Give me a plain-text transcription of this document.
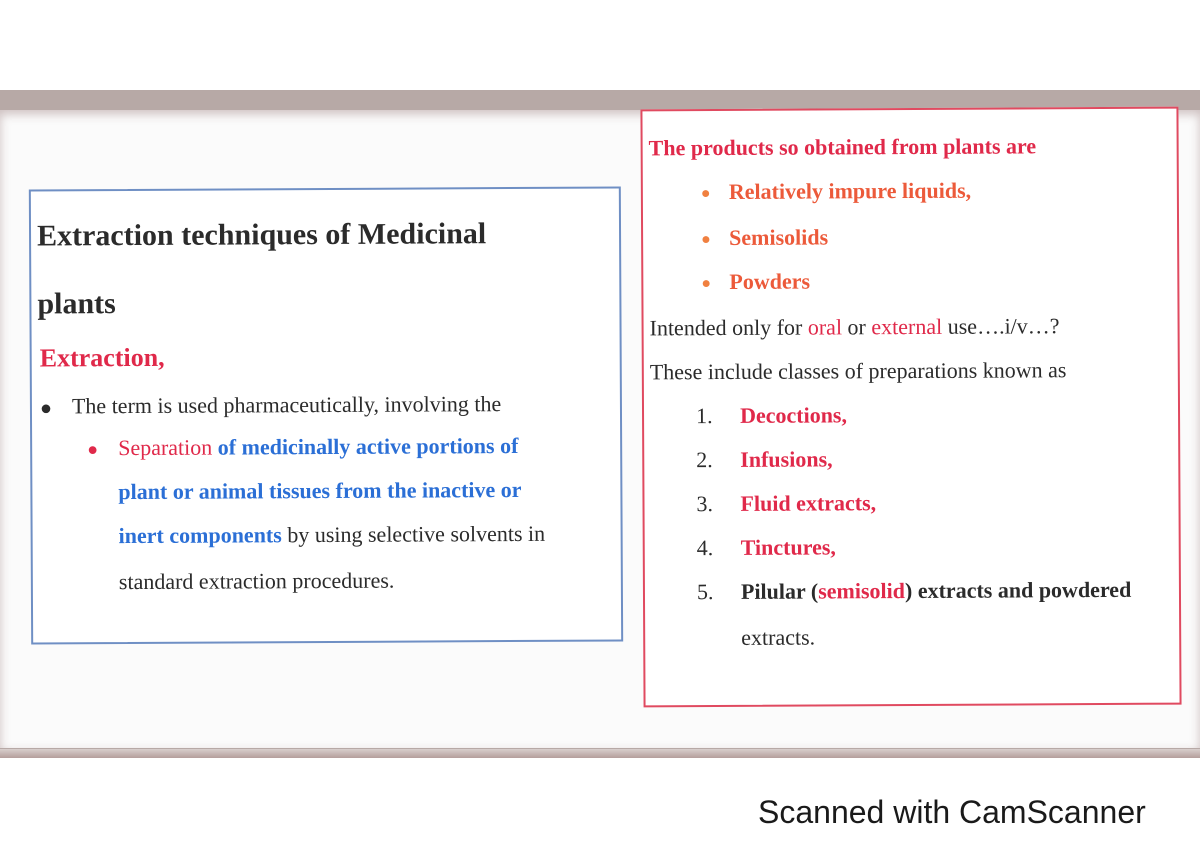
Extraction techniques of Medicinal
plants
Extraction,
● The term is used pharmaceutically, involving the
● Separation of medicinally active portions of
plant or animal tissues from the inactive or
inert components by using selective solvents in
standard extraction procedures.
The products so obtained from plants are
● Relatively impure liquids,
● Semisolids
● Powders
Intended only for oral or external use….i/v…?
These include classes of preparations known as
1. Decoctions,
2. Infusions,
3. Fluid extracts,
4. Tinctures,
5. Pilular (semisolid) extracts and powdered
extracts.
Scanned with CamScanner
